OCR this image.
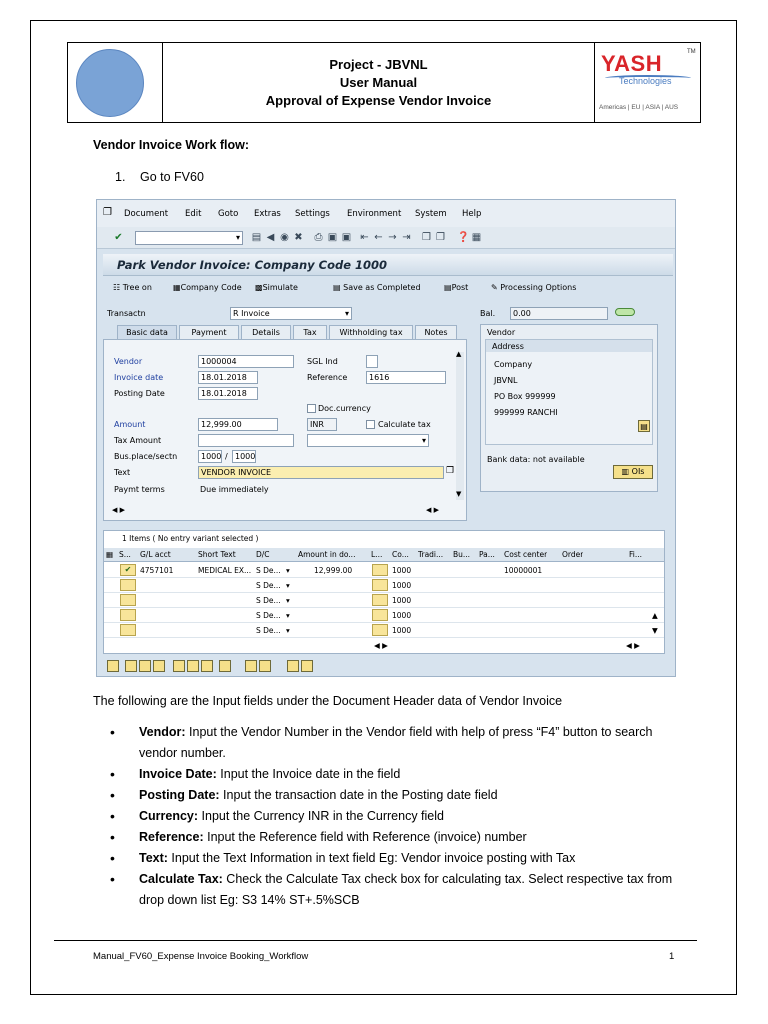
Project - JBVNL
User Manual
Approval of Expense Vendor Invoice
YASH	TM
Technologies
Americas | EU | ASIA | AUS
Vendor Invoice Work flow:
1. Go to FV60
❐ Document Edit Goto Extras Settings Environment System Help
✔	▾ ▤ ◀ ◉ ✖ ⎙ ▣ ▣ ⇤ ← → ⇥ ❒ ❐ ❓ ▦
Park Vendor Invoice: Company Code 1000
☷ Tree on	▦Company Code ▩Simulate	▤ Save as Completed	▤Post	✎ Processing Options
Transactn	R Invoice	▾	Bal.	0.00
Basic data	Payment	Details	Tax	Withholding tax	Notes
Vendor	1000004	SGL Ind
Invoice date	18.01.2018	Reference	1616
Posting Date	18.01.2018
Doc.currency
Amount	12,999.00	INR	Calculate tax
Tax Amount	▾
Bus.place/sectn	1000 / 1000
Text	VENDOR INVOICE	❐
Paymt terms	Due immediately
▲
▼
◀ ▶	◀ ▶
Vendor
Address
Company
JBVNL
PO Box 999999
999999 RANCHI
▤
Bank data: not available
▥ OIs
1 Items ( No entry variant selected )
▦ S... G/L acct	Short Text	D/C	Amount in do... L... Co... Tradi... Bu... Pa... Cost center Order	Fi...
✔	4757101	MEDICAL EX... S De... ▾	12,999.00	1000	10000001
S De... ▾	1000
S De... ▾	1000
S De... ▾	1000
S De... ▾	1000
◀ ▶	◀ ▶
▲
▼
The following are the Input fields under the Document Header data of Vendor Invoice
• Vendor: Input the Vendor Number in the Vendor field with help of press “F4” button to search vendor number.
• Invoice Date: Input the Invoice date in the field
• Posting Date: Input the transaction date in the Posting date field
• Currency: Input the Currency INR in the Currency field
• Reference: Input the Reference field with Reference (invoice) number
• Text: Input the Text Information in text field Eg: Vendor invoice posting with Tax
• Calculate Tax: Check the Calculate Tax check box for calculating tax. Select respective tax from drop down list Eg: S3 14% ST+.5%SCB
Manual_FV60_Expense Invoice Booking_Workflow	1
